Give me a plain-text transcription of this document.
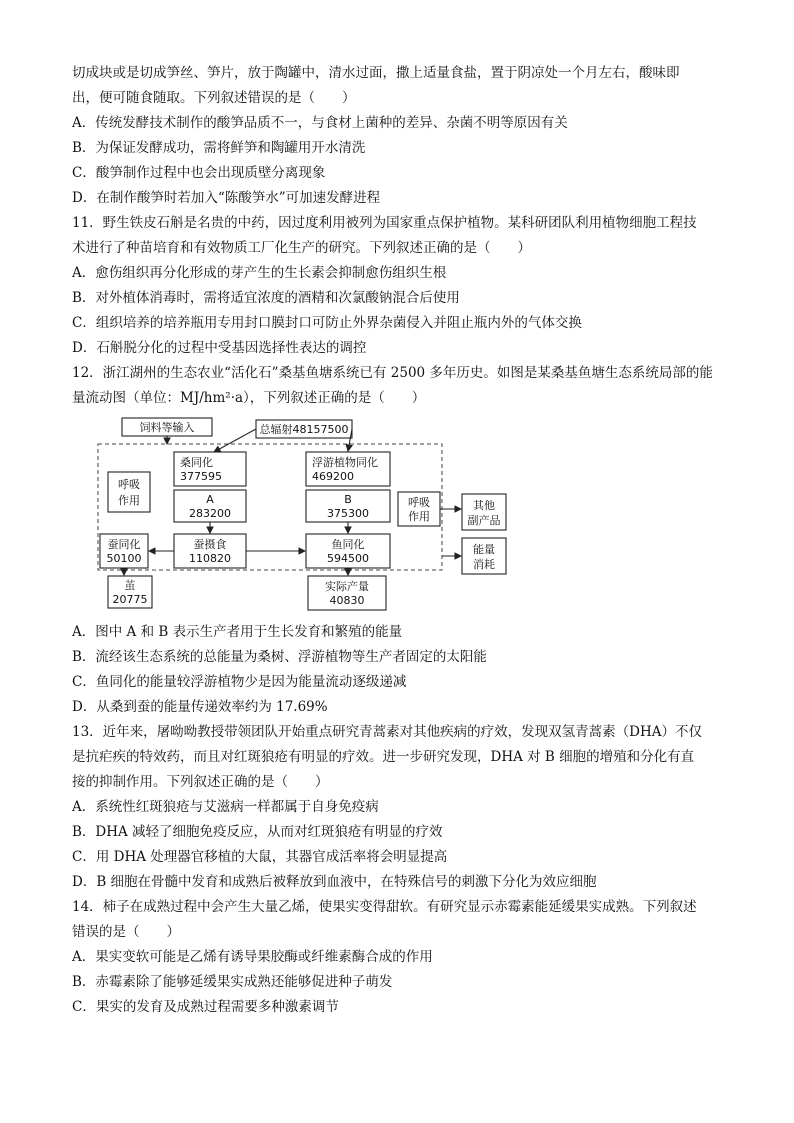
切成块或是切成笋丝、笋片，放于陶罐中，清水过面，撒上适量食盐，置于阴凉处一个月左右，酸味即
出，便可随食随取。下列叙述错误的是（　　）
A．传统发酵技术制作的酸笋品质不一，与食材上菌种的差异、杂菌不明等原因有关
B．为保证发酵成功，需将鲜笋和陶罐用开水清洗
C．酸笋制作过程中也会出现质壁分离现象
D．在制作酸笋时若加入“陈酸笋水”可加速发酵进程
11．野生铁皮石斛是名贵的中药，因过度利用被列为国家重点保护植物。某科研团队利用植物细胞工程技
术进行了种苗培育和有效物质工厂化生产的研究。下列叙述正确的是（　　）
A．愈伤组织再分化形成的芽产生的生长素会抑制愈伤组织生根
B．对外植体消毒时，需将适宜浓度的酒精和次氯酸钠混合后使用
C．组织培养的培养瓶用专用封口膜封口可防止外界杂菌侵入并阻止瓶内外的气体交换
D．石斛脱分化的过程中受基因选择性表达的调控
12．浙江湖州的生态农业“活化石”桑基鱼塘系统已有 2500 多年历史。如图是某桑基鱼塘生态系统局部的能
量流动图（单位：MJ/hm²·a），下列叙述正确的是（　　）
饲料等输入	总辐射48157500
呼吸
作用
桑同化
377595
A
283200
浮游植物同化
469200
B
375300
呼吸
作用
其他
副产品
能量
消耗
蚕同化
50100
蚕摄食
110820
鱼同化
594500
茧
20775
实际产量
40830
A．图中 A 和 B 表示生产者用于生长发育和繁殖的能量
B．流经该生态系统的总能量为桑树、浮游植物等生产者固定的太阳能
C．鱼同化的能量较浮游植物少是因为能量流动逐级递减
D．从桑到蚕的能量传递效率约为 17.69%
13．近年来，屠呦呦教授带领团队开始重点研究青蒿素对其他疾病的疗效，发现双氢青蒿素（DHA）不仅
是抗疟疾的特效药，而且对红斑狼疮有明显的疗效。进一步研究发现，DHA 对 B 细胞的增殖和分化有直
接的抑制作用。下列叙述正确的是（　　）
A．系统性红斑狼疮与艾滋病一样都属于自身免疫病
B．DHA 减轻了细胞免疫反应，从而对红斑狼疮有明显的疗效
C．用 DHA 处理器官移植的大鼠，其器官成活率将会明显提高
D．B 细胞在骨髓中发育和成熟后被释放到血液中，在特殊信号的刺激下分化为效应细胞
14．柿子在成熟过程中会产生大量乙烯，使果实变得甜软。有研究显示赤霉素能延缓果实成熟。下列叙述
错误的是（　　）
A．果实变软可能是乙烯有诱导果胶酶或纤维素酶合成的作用
B．赤霉素除了能够延缓果实成熟还能够促进种子萌发
C．果实的发育及成熟过程需要多种激素调节
